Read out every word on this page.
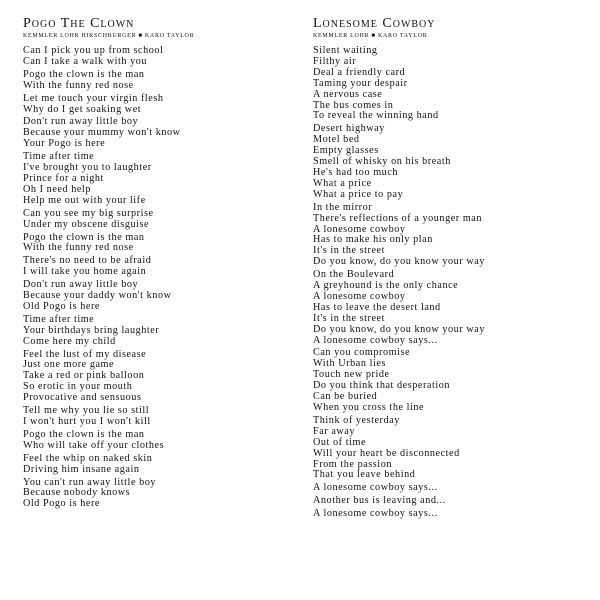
Pogo The Clown
KEMMLER LOHR HIRSCHBURGER ■ KARO TAYLOR
Can I pick you up from school
Can I take a walk with you
Pogo the clown is the man
With the funny red nose
Let me touch your virgin flesh
Why do I get soaking wet
Don't run away little boy
Because your mummy won't know
Your Pogo is here
Time after time
I've brought you to laughter
Prince for a night
Oh I need help
Help me out with your life
Can you see my big surprise
Under my obscene disguise
Pogo the clown is the man
With the funny red nose
There's no need to be afraid
I will take you home again
Don't run away little boy
Because your daddy won't know
Old Pogo is here
Time after time
Your birthdays bring laughter
Come here my child
Feel the lust of my disease
Just one more game
Take a red or pink balloon
So erotic in your mouth
Provocative and sensuous
Tell me why you lie so still
I won't hurt you I won't kill
Pogo the clown is the man
Who will take off your clothes
Feel the whip on naked skin
Driving him insane again
You can't run away little boy
Because nobody knows
Old Pogo is here
Lonesome Cowboy
KEMMLER LOHR ■ KARO TAYLOR
Silent waiting
Filthy air
Deal a friendly card
Taming your despair
A nervous case
The bus comes in
To reveal the winning hand
Desert highway
Motel bed
Empty glasses
Smell of whisky on his breath
He's had too much
What a price
What a price to pay
In the mirror
There's reflections of a younger man
A lonesome cowboy
Has to make his only plan
It's in the street
Do you know, do you know your way
On the Boulevard
A greyhound is the only chance
A lonesome cowboy
Has to leave the desert land
It's in the street
Do you know, do you know your way
A lonesome cowboy says...
Can you compromise
With Urban lies
Touch new pride
Do you think that desperation
Can be buried
When you cross the line
Think of yesterday
Far away
Out of time
Will your heart be disconnected
From the passion
That you leave behind
A lonesome cowboy says...
Another bus is leaving and...
A lonesome cowboy says...
